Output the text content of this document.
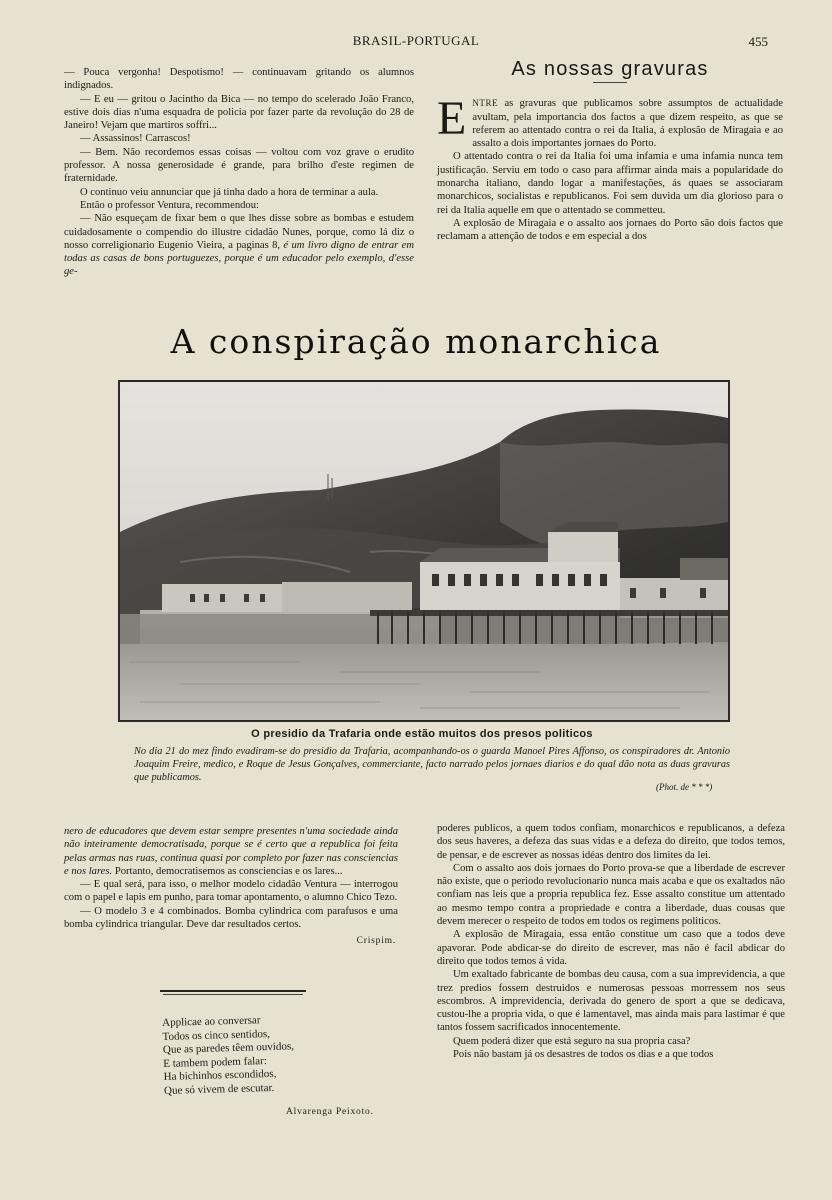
BRASIL-PORTUGAL	455

— Pouca vergonha! Despotismo! — continuavam gritando os alumnos indignados.

— E eu — gritou o Jacintho da Bica — no tempo do scelerado João Franco, estive dois dias n'uma esquadra de policia por fazer parte da revolução do 28 de Janeiro! Vejam que martiros soffri...

— Assassinos! Carrascos!

— Bem. Não recordemos essas coisas — voltou com voz grave o erudito professor. A nossa generosidade é grande, para brilho d'este regimen de fraternidade.

O continuo veiu annunciar que já tinha dado a hora de terminar a aula.

Então o professor Ventura, recommendou:

— Não esqueçam de fixar bem o que lhes disse sobre as bombas e estudem cuidadosamente o compendio do illustre cidadão Nunes, porque, como lá diz o nosso correligionario Eugenio Vieira, a paginas 8, é um livro digno de entrar em todas as casas de bons portuguezes, porque é um educador pelo exemplo, d'esse ge-

As nossas gravuras

ENTRE as gravuras que publicamos sobre assumptos de actualidade avultam, pela importancia dos factos a que dizem respeito, as que se referem ao attentado contra o rei da Italia, á explosão de Miragaia e ao assalto a dois importantes jornaes do Porto.

O attentado contra o rei da Italia foi uma infamia e uma infamia nunca tem justificação. Serviu em todo o caso para affirmar ainda mais a popularidade do monarcha italiano, dando logar a manifestações, ás quaes se associaram monarchicos, socialistas e republicanos. Foi sem duvida um dia glorioso para o rei da Italia aquelle em que o attentado se commetteu.

A explosão de Miragaia e o assalto aos jornaes do Porto são dois factos que reclamam a attenção de todos e em especial a dos

A conspiração monarchica
O presidio da Trafaria onde estão muitos dos presos politicos
No dia 21 do mez findo evadiram-se do presidio da Trafaria, acompanhando-os o guarda Manoel Pires Affonso, os conspiradores dr. Antonio Joaquim Freire, medico, e Roque de Jesus Gonçalves, commerciante, facto narrado pelos jornaes diarios e do qual dão nota as duas gravuras que publicamos.
(Phot. de * * *)

nero de educadores que devem estar sempre presentes n'uma sociedade ainda não inteiramente democratisada, porque se é certo que a republica foi feita pelas armas nas ruas, continua quasi por completo por fazer nas consciencias e nos lares. Portanto, democratisemos as consciencias e os lares...

— E qual será, para isso, o melhor modelo cidadão Ventura — interrogou com o papel e lapis em punho, para tomar apontamento, o alumno Chico Tezo.

— O modelo 3 e 4 combinados. Bomba cylindrica com parafusos e uma bomba cylindrica triangular. Deve dar resultados certos.

Crispim.
Applicae ao conversar
Todos os cinco sentidos,
Que as paredes têem ouvidos,
E tambem podem falar:
Ha bichinhos escondidos,
Que só vivem de escutar.
Alvarenga Peixoto.

poderes publicos, a quem todos confiam, monarchicos e republicanos, a defeza dos seus haveres, a defeza das suas vidas e a defeza do direito, que todos temos, de pensar, e de escrever as nossas idéas dentro dos limites da lei.

Com o assalto aos dois jornaes do Porto prova-se que a liberdade de escrever não existe, que o periodo revolucionario nunca mais acaba e que os exaltados não confiam nas leis que a propria republica fez. Esse assalto constitue um attentado ao mesmo tempo contra a propriedade e contra a liberdade, duas cousas que devem merecer o respeito de todos em todos os regimens politicos.

A explosão de Miragaia, essa então constitue um caso que a todos deve apavorar. Pode abdicar-se do direito de escrever, mas não é facil abdicar do direito que todos temos á vida.

Um exaltado fabricante de bombas deu causa, com a sua imprevidencia, a que trez predios fossem destruidos e numerosas pessoas morressem nos seus escombros. A imprevidencia, derivada do genero de sport a que se dedicava, custou-lhe a propria vida, o que é lamentavel, mas ainda mais para lastimar é que tantos fossem sacrificados innocentemente.

Quem poderá dizer que está seguro na sua propria casa?

Pois não bastam já os desastres de todos os dias e a que todos
